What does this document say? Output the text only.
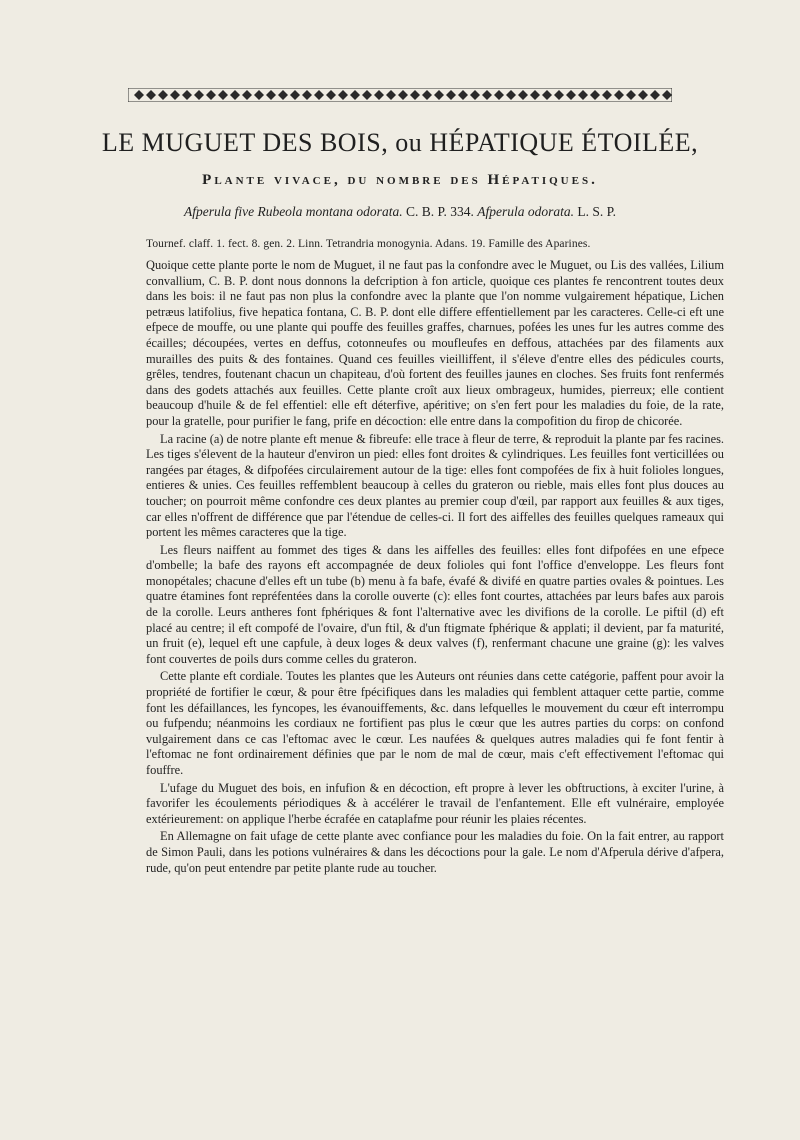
LE MUGUET DES BOIS, ou HÉPATIQUE ÉTOILÉE,
Plante vivace, du nombre des Hépatiques.
Afperula five Rubeola montana odorata. C. B. P. 334. Afperula odorata. L. S. P.
Tournef. claff. 1. fect. 8. gen. 2. Linn. Tetrandria monogynia. Adans. 19. Famille des Aparines.

Quoique cette plante porte le nom de Muguet, il ne faut pas la confondre avec le Muguet, ou Lis des vallées, Lilium convallium, C. B. P. dont nous donnons la defcription à fon article, quoique ces plantes fe rencontrent toutes deux dans les bois: il ne faut pas non plus la confondre avec la plante que l'on nomme vulgairement hépatique, Lichen petræus latifolius, five hepatica fontana, C. B. P. dont elle differe effentiellement par les caracteres. Celle-ci eft une efpece de mouffe, ou une plante qui pouffe des feuilles graffes, charnues, pofées les unes fur les autres comme des écailles; découpées, vertes en deffus, cotonneufes ou moufleufes en deffous, attachées par des filaments aux murailles des puits & des fontaines. Quand ces feuilles vieilliffent, il s'éleve d'entre elles des pédicules courts, grêles, tendres, foutenant chacun un chapiteau, d'où fortent des feuilles jaunes en cloches. Ses fruits font renfermés dans des godets attachés aux feuilles. Cette plante croît aux lieux ombrageux, humides, pierreux; elle contient beaucoup d'huile & de fel effentiel: elle eft déterfive, apéritive; on s'en fert pour les maladies du foie, de la rate, pour la gratelle, pour purifier le fang, prife en décoction: elle entre dans la compofition du firop de chicorée.

La racine (a) de notre plante eft menue & fibreufe: elle trace à fleur de terre, & reproduit la plante par fes racines. Les tiges s'élevent de la hauteur d'environ un pied: elles font droites & cylindriques. Les feuilles font verticillées ou rangées par étages, & difpofées circulairement autour de la tige: elles font compofées de fix à huit folioles longues, entieres & unies. Ces feuilles reffemblent beaucoup à celles du grateron ou rieble, mais elles font plus douces au toucher; on pourroit même confondre ces deux plantes au premier coup d'œil, par rapport aux feuilles & aux tiges, car elles n'offrent de différence que par l'étendue de celles-ci. Il fort des aiffelles des feuilles quelques rameaux qui portent les mêmes caracteres que la tige.

Les fleurs naiffent au fommet des tiges & dans les aiffelles des feuilles: elles font difpofées en une efpece d'ombelle; la bafe des rayons eft accompagnée de deux folioles qui font l'office d'enveloppe. Les fleurs font monopétales; chacune d'elles eft un tube (b) menu à fa bafe, évafé & divifé en quatre parties ovales & pointues. Les quatre étamines font repréfentées dans la corolle ouverte (c): elles font courtes, attachées par leurs bafes aux parois de la corolle. Leurs antheres font fphériques & font l'alternative avec les divifions de la corolle. Le piftil (d) eft placé au centre; il eft compofé de l'ovaire, d'un ftil, & d'un ftigmate fphérique & applati; il devient, par fa maturité, un fruit (e), lequel eft une capfule, à deux loges & deux valves (f), renfermant chacune une graine (g): les valves font couvertes de poils durs comme celles du grateron.

Cette plante eft cordiale. Toutes les plantes que les Auteurs ont réunies dans cette catégorie, paffent pour avoir la propriété de fortifier le cœur, & pour être fpécifiques dans les maladies qui femblent attaquer cette partie, comme font les défaillances, les fyncopes, les évanouiffements, &c. dans lefquelles le mouvement du cœur eft interrompu ou fufpendu; néanmoins les cordiaux ne fortifient pas plus le cœur que les autres parties du corps: on confond vulgairement dans ce cas l'eftomac avec le cœur. Les naufées & quelques autres maladies qui fe font fentir à l'eftomac ne font ordinairement définies que par le nom de mal de cœur, mais c'eft effectivement l'eftomac qui fouffre.

L'ufage du Muguet des bois, en infufion & en décoction, eft propre à lever les obftructions, à exciter l'urine, à favorifer les écoulements périodiques & à accélérer le travail de l'enfantement. Elle eft vulnéraire, employée extérieurement: on applique l'herbe écrafée en cataplafme pour réunir les plaies récentes.

En Allemagne on fait ufage de cette plante avec confiance pour les maladies du foie. On la fait entrer, au rapport de Simon Pauli, dans les potions vulnéraires & dans les décoctions pour la gale. Le nom d'Afperula dérive d'afpera, rude, qu'on peut entendre par petite plante rude au toucher.
